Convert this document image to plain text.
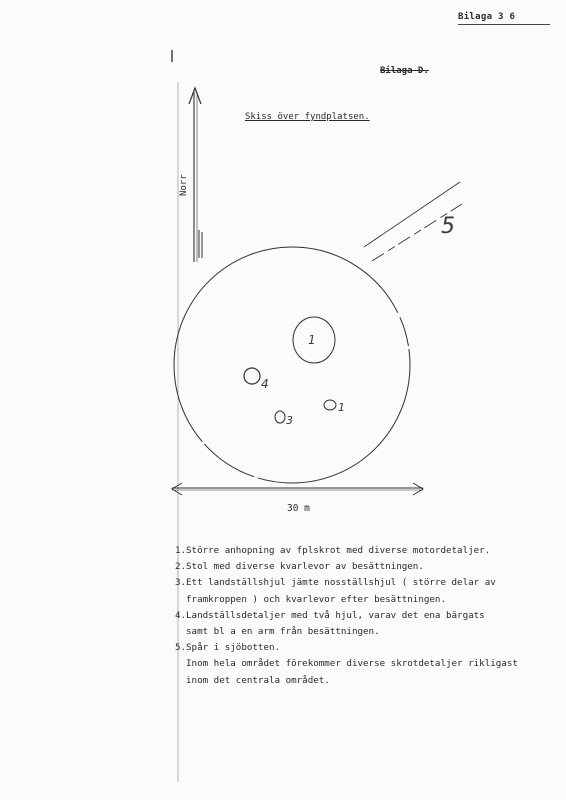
Bilaga 3 6
Bilaga D.
Skiss över fyndplatsen.
Norr
1
4
3
1
5
30 m
1. Större anhopning av fplskrot med diverse motordetaljer.
2. Stol med diverse kvarlevor av besättningen.
3. Ett landställshjul jämte nosställshjul ( större delar av
framkroppen ) och kvarlevor efter besättningen.
4. Landställsdetaljer med två hjul, varav det ena bärgats
samt bl a en arm från besättningen.
5. Spår i sjöbotten.
Inom hela området förekommer diverse skrotdetaljer rikligast
inom det centrala området.
